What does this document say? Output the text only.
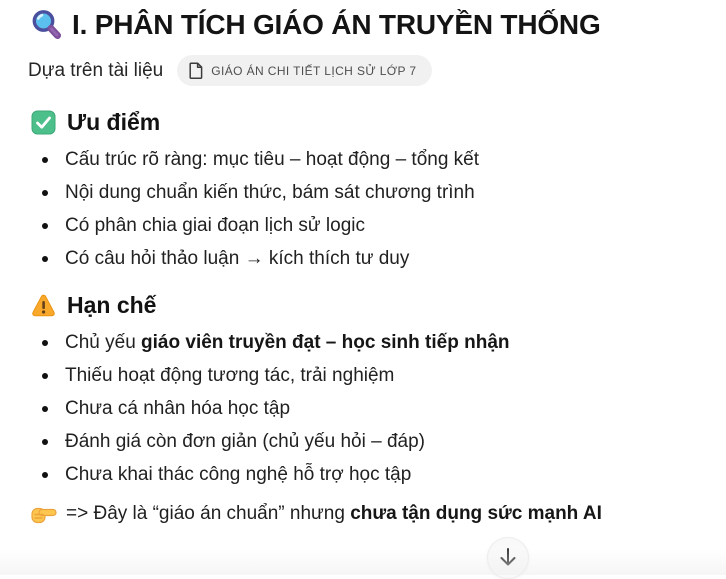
I. PHÂN TÍCH GIÁO ÁN TRUYỀN THỐNG
Dựa trên tài liệu	GIÁO ÁN CHI TIẾT LỊCH SỬ LỚP 7
Ưu điểm
Cấu trúc rõ ràng: mục tiêu – hoạt động – tổng kết
Nội dung chuẩn kiến thức, bám sát chương trình
Có phân chia giai đoạn lịch sử logic
Có câu hỏi thảo luận → kích thích tư duy
Hạn chế
Chủ yếu giáo viên truyền đạt – học sinh tiếp nhận
Thiếu hoạt động tương tác, trải nghiệm
Chưa cá nhân hóa học tập
Đánh giá còn đơn giản (chủ yếu hỏi – đáp)
Chưa khai thác công nghệ hỗ trợ học tập
=> Đây là “giáo án chuẩn” nhưng chưa tận dụng sức mạnh AI
